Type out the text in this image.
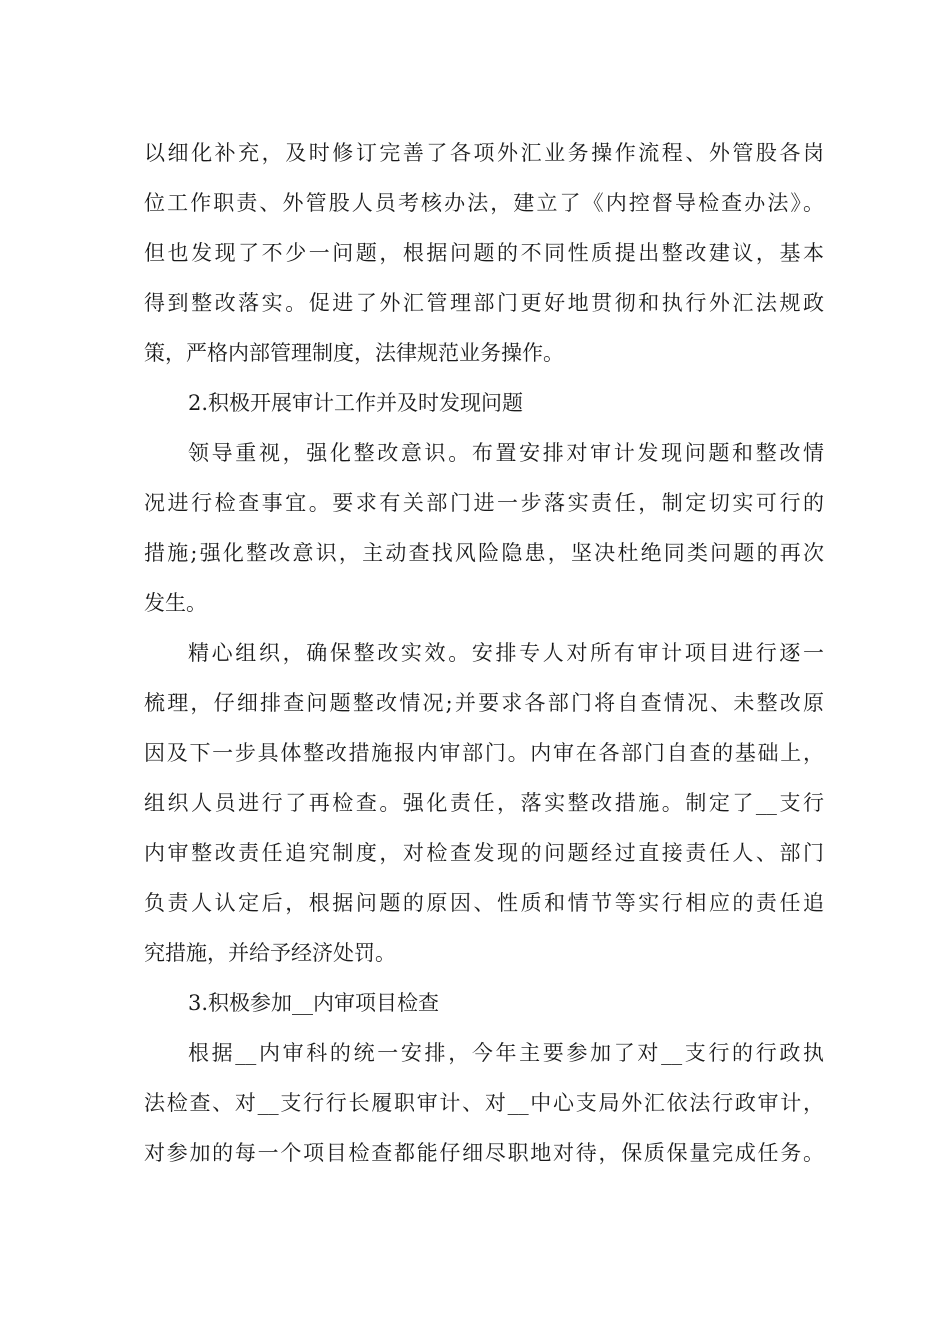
以细化补充，及时修订完善了各项外汇业务操作流程、外管股各岗
位工作职责、外管股人员考核办法，建立了《内控督导检查办法》。
但也发现了不少一问题，根据问题的不同性质提出整改建议，基本
得到整改落实。促进了外汇管理部门更好地贯彻和执行外汇法规政
策，严格内部管理制度，法律规范业务操作。
2.积极开展审计工作并及时发现问题
领导重视，强化整改意识。布置安排对审计发现问题和整改情
况进行检查事宜。要求有关部门进一步落实责任，制定切实可行的
措施;强化整改意识，主动查找风险隐患，坚决杜绝同类问题的再次
发生。
精心组织，确保整改实效。安排专人对所有审计项目进行逐一
梳理，仔细排查问题整改情况;并要求各部门将自查情况、未整改原
因及下一步具体整改措施报内审部门。内审在各部门自查的基础上，
组织人员进行了再检查。强化责任，落实整改措施。制定了__支行
内审整改责任追究制度，对检查发现的问题经过直接责任人、部门
负责人认定后，根据问题的原因、性质和情节等实行相应的责任追
究措施，并给予经济处罚。
3.积极参加__内审项目检查
根据__内审科的统一安排，今年主要参加了对__支行的行政执
法检查、对__支行行长履职审计、对__中心支局外汇依法行政审计，
对参加的每一个项目检查都能仔细尽职地对待，保质保量完成任务。
